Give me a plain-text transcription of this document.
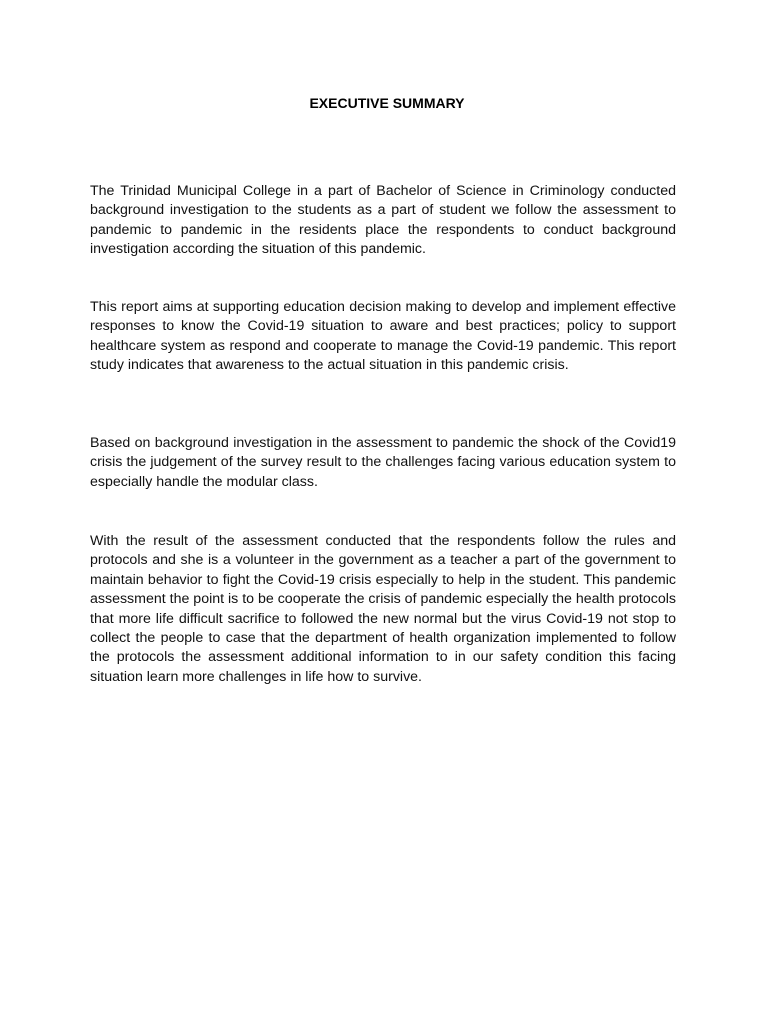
EXECUTIVE SUMMARY

The Trinidad Municipal College in a part of Bachelor of Science in Criminology conducted background investigation to the students as a part of student we follow the assessment to pandemic to pandemic in the residents place the respondents to conduct background investigation according the situation of this pandemic.

This report aims at supporting education decision making to develop and implement effective responses to know the Covid-19 situation to aware and best practices; policy to support healthcare system as respond and cooperate to manage the Covid-19 pandemic. This report study indicates that awareness to the actual situation in this pandemic crisis.

Based on background investigation in the assessment to pandemic the shock of the Covid19 crisis the judgement of the survey result to the challenges facing various education system to especially handle the modular class.

With the result of the assessment conducted that the respondents follow the rules and protocols and she is a volunteer in the government as a teacher a part of the government to maintain behavior to fight the Covid-19 crisis especially to help in the student. This pandemic assessment the point is to be cooperate the crisis of pandemic especially the health protocols that more life difficult sacrifice to followed the new normal but the virus Covid-19 not stop to collect the people to case that the department of health organization implemented to follow the protocols the assessment additional information to in our safety condition this facing situation learn more challenges in life how to survive.
